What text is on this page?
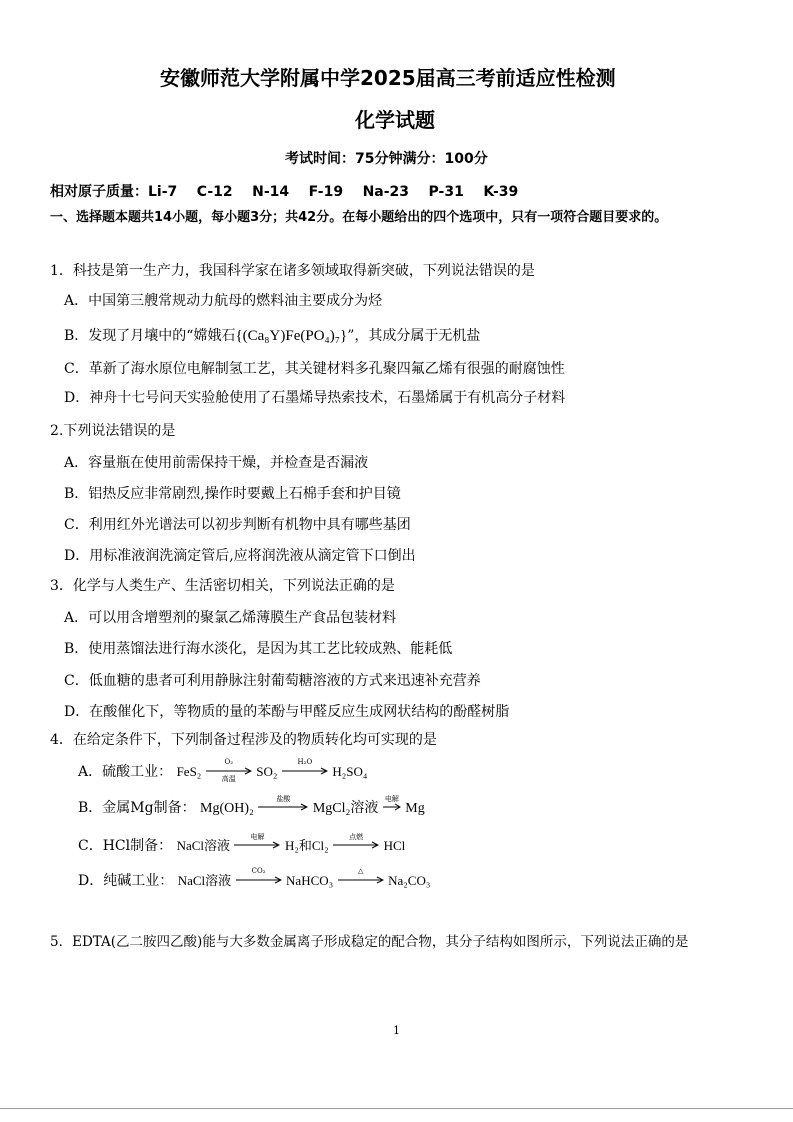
安徽师范大学附属中学2025届高三考前适应性检测
化学试题
考试时间：75分钟满分：100分
相对原子质量：Li-7    C-12    N-14    F-19    Na-23    P-31    K-39
一、选择题本题共14小题，每小题3分；共42分。在每小题给出的四个选项中，只有一项符合题目要求的。
1．科技是第一生产力，我国科学家在诸多领域取得新突破，下列说法错误的是
A．中国第三艘常规动力航母的燃料油主要成分为烃
B．发现了月壤中的“嫦娥石{(Ca₈Y)Fe(PO₄)₇}”，其成分属于无机盐
C．革新了海水原位电解制氢工艺，其关键材料多孔聚四氟乙烯有很强的耐腐蚀性
D．神舟十七号问天实验舱使用了石墨烯导热索技术，石墨烯属于有机高分子材料
2.下列说法错误的是
A．容量瓶在使用前需保持干燥，并检查是否漏液
B．铝热反应非常剧烈,操作时要戴上石棉手套和护目镜
C．利用红外光谱法可以初步判断有机物中具有哪些基团
D．用标准液润洗滴定管后,应将润洗液从滴定管下口倒出
3．化学与人类生产、生活密切相关，下列说法正确的是
A．可以用含增塑剂的聚氯乙烯薄膜生产食品包装材料
B．使用蒸馏法进行海水淡化，是因为其工艺比较成熟、能耗低
C．低血糖的患者可利用静脉注射葡萄糖溶液的方式来迅速补充营养
D．在酸催化下，等物质的量的苯酚与甲醛反应生成网状结构的酚醛树脂
4．在给定条件下，下列制备过程涉及的物质转化均可实现的是
A．硫酸工业： FeS₂
O₂
高温	SO₂
H₂O
H₂SO₄
B．金属Mg制备： Mg(OH)₂
盐酸
MgCl₂溶液
电解
Mg
C．HCl制备： NaCl溶液
电解
H₂和Cl₂
点燃
HCl
D．纯碱工业： NaCl溶液
CO₂
NaHCO₃
△
Na₂CO₃
5．EDTA(乙二胺四乙酸)能与大多数金属离子形成稳定的配合物，其分子结构如图所示，下列说法正确的是
1
